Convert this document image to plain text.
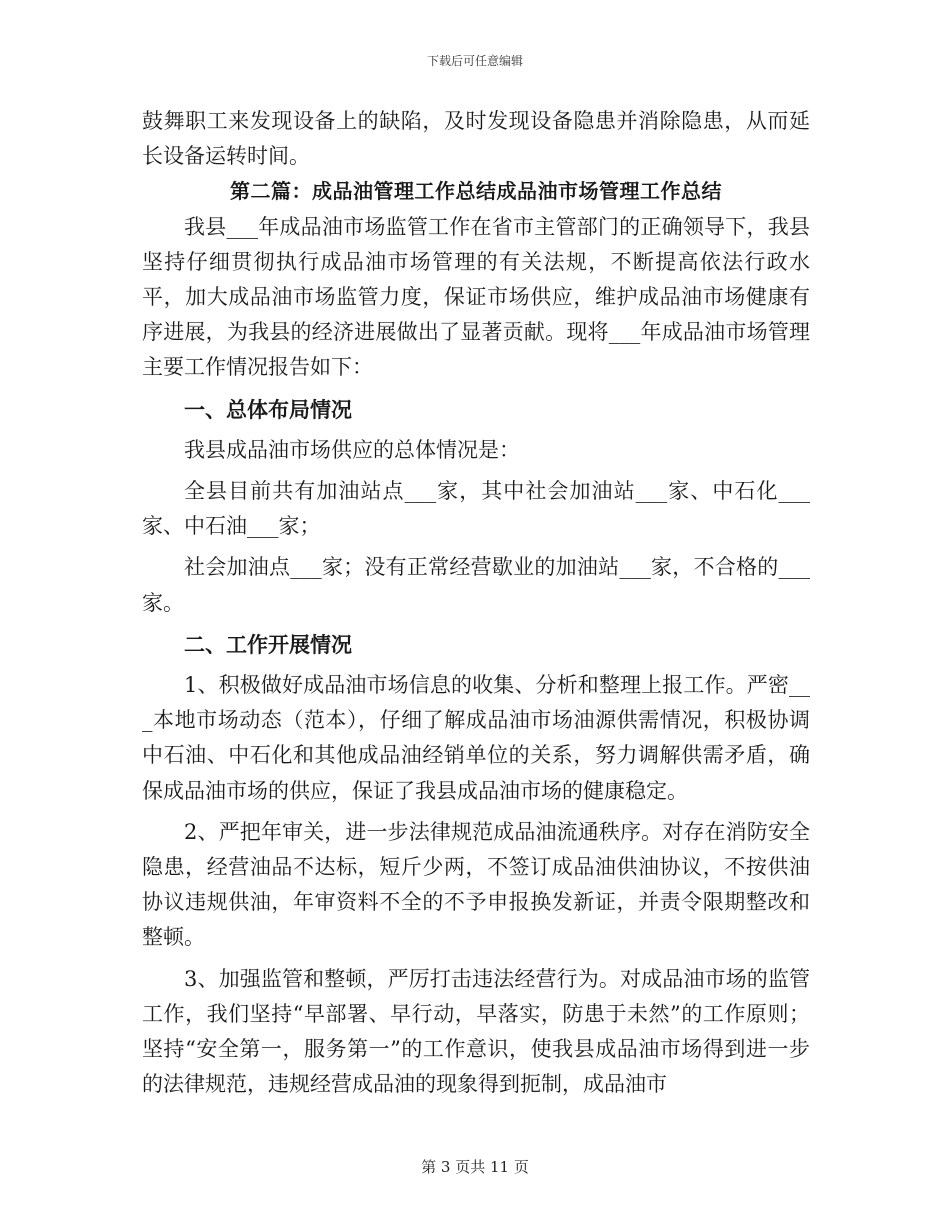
下载后可任意编辑

鼓舞职工来发现设备上的缺陷，及时发现设备隐患并消除隐患，从而延长设备运转时间。

第二篇：成品油管理工作总结成品油市场管理工作总结

我县___年成品油市场监管工作在省市主管部门的正确领导下，我县坚持仔细贯彻执行成品油市场管理的有关法规，不断提高依法行政水平，加大成品油市场监管力度，保证市场供应，维护成品油市场健康有序进展，为我县的经济进展做出了显著贡献。现将___年成品油市场管理主要工作情况报告如下：

一、总体布局情况

我县成品油市场供应的总体情况是：

全县目前共有加油站点___家，其中社会加油站___家、中石化___家、中石油___家；

社会加油点___家；没有正常经营歇业的加油站___家，不合格的___家。

二、工作开展情况

1、积极做好成品油市场信息的收集、分析和整理上报工作。严密___本地市场动态（范本），仔细了解成品油市场油源供需情况，积极协调中石油、中石化和其他成品油经销单位的关系，努力调解供需矛盾，确保成品油市场的供应，保证了我县成品油市场的健康稳定。

2、严把年审关，进一步法律规范成品油流通秩序。对存在消防安全隐患，经营油品不达标，短斤少两，不签订成品油供油协议，不按供油协议违规供油，年审资料不全的不予申报换发新证，并责令限期整改和整顿。

3、加强监管和整顿，严厉打击违法经营行为。对成品油市场的监管工作，我们坚持“早部署、早行动，早落实，防患于未然”的工作原则；坚持“安全第一，服务第一”的工作意识，使我县成品油市场得到进一步的法律规范，违规经营成品油的现象得到扼制，成品油市

第 3 页共 11 页
